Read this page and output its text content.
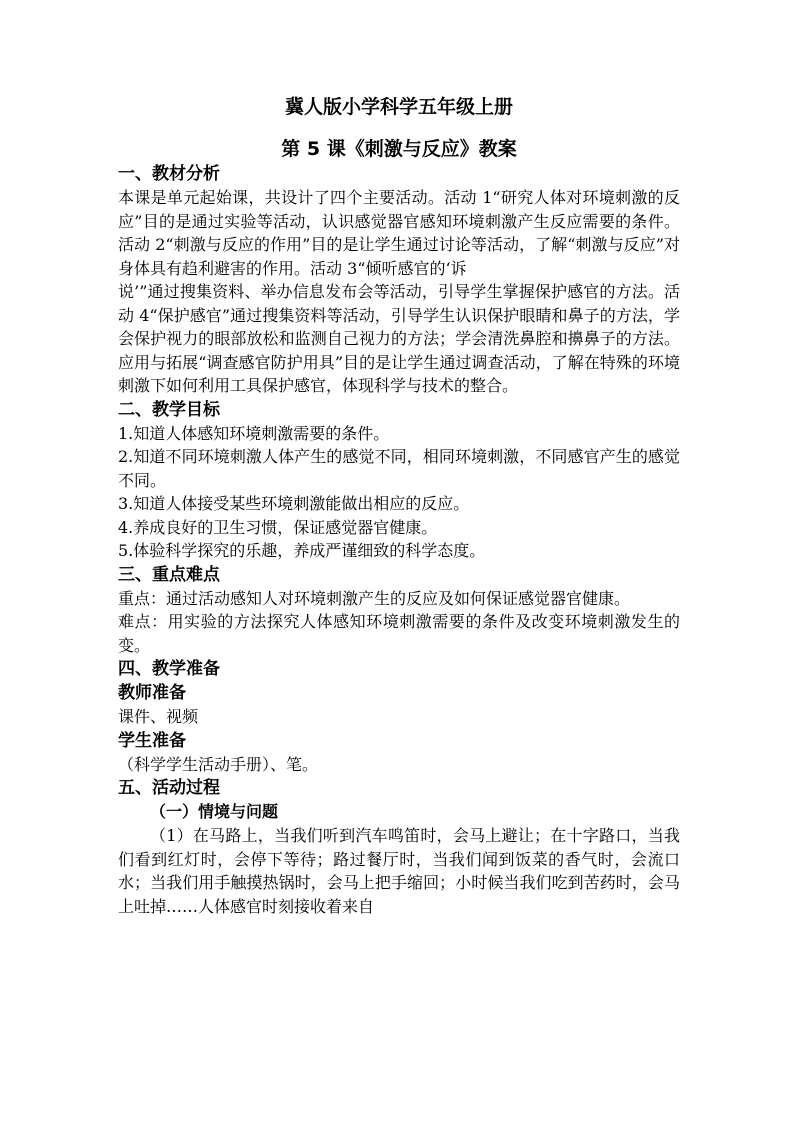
冀人版小学科学五年级上册

第 5 课《刺激与反应》教案

一、教材分析

本课是单元起始课，共设计了四个主要活动。活动 1“研究人体对环境刺激的反应”目的是通过实验等活动，认识感觉器官感知环境刺激产生反应需要的条件。活动 2“刺激与反应的作用”目的是让学生通过讨论等活动，了解“刺激与反应”对身体具有趋利避害的作用。活动 3“倾听感官的‘诉

说’”通过搜集资料、举办信息发布会等活动，引导学生掌握保护感官的方法。活动 4“保护感官”通过搜集资料等活动，引导学生认识保护眼睛和鼻子的方法，学会保护视力的眼部放松和监测自己视力的方法；学会清洗鼻腔和擤鼻子的方法。应用与拓展“调查感官防护用具”目的是让学生通过调查活动，了解在特殊的环境刺激下如何利用工具保护感官，体现科学与技术的整合。

二、教学目标

1.知道人体感知环境刺激需要的条件。

2.知道不同环境刺激人体产生的感觉不同，相同环境刺激，不同感官产生的感觉不同。

3.知道人体接受某些环境刺激能做出相应的反应。

4.养成良好的卫生习惯，保证感觉器官健康。

5.体验科学探究的乐趣，养成严谨细致的科学态度。

三、重点难点

重点：通过活动感知人对环境刺激产生的反应及如何保证感觉器官健康。

难点：用实验的方法探究人体感知环境刺激需要的条件及改变环境刺激发生的变。

四、教学准备

教师准备

课件、视频

学生准备

（科学学生活动手册）、笔。

五、活动过程

（一）情境与问题

（1）在马路上，当我们听到汽车鸣笛时，会马上避让；在十字路口，当我们看到红灯时，会停下等待；路过餐厅时，当我们闻到饭菜的香气时，会流口水；当我们用手触摸热锅时，会马上把手缩回；小时候当我们吃到苦药时，会马上吐掉……人体感官时刻接收着来自
